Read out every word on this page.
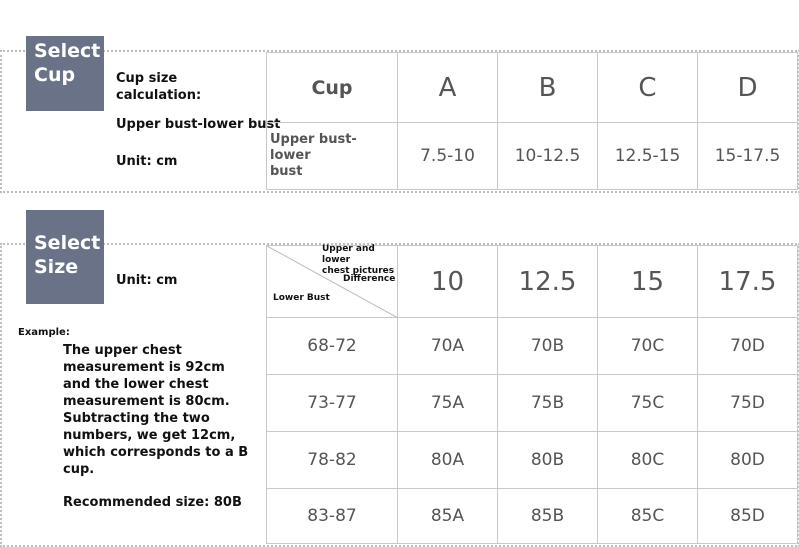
Select
Cup	Cup size
calculation:
Upper bust-lower bust
Unit: cm
Cup	A	B	C	D

Upper bust-lower
bust	7.5-10	10-12.5	12.5-15	15-17.5
Select
Size
Unit: cm
Upper and lower
chest pictures
Difference
Lower Bust	10	12.5	15	17.5
68-72	70A	70B	70C	70D
73-77	75A	75B	75C	75D
78-82	80A	80B	80C	80D
83-87	85A	85B	85C	85D
Example:
The upper chest
measurement is 92cm
and the lower chest
measurement is 80cm.
Subtracting the two
numbers, we get 12cm,
which corresponds to a B
cup.
Recommended size: 80B
